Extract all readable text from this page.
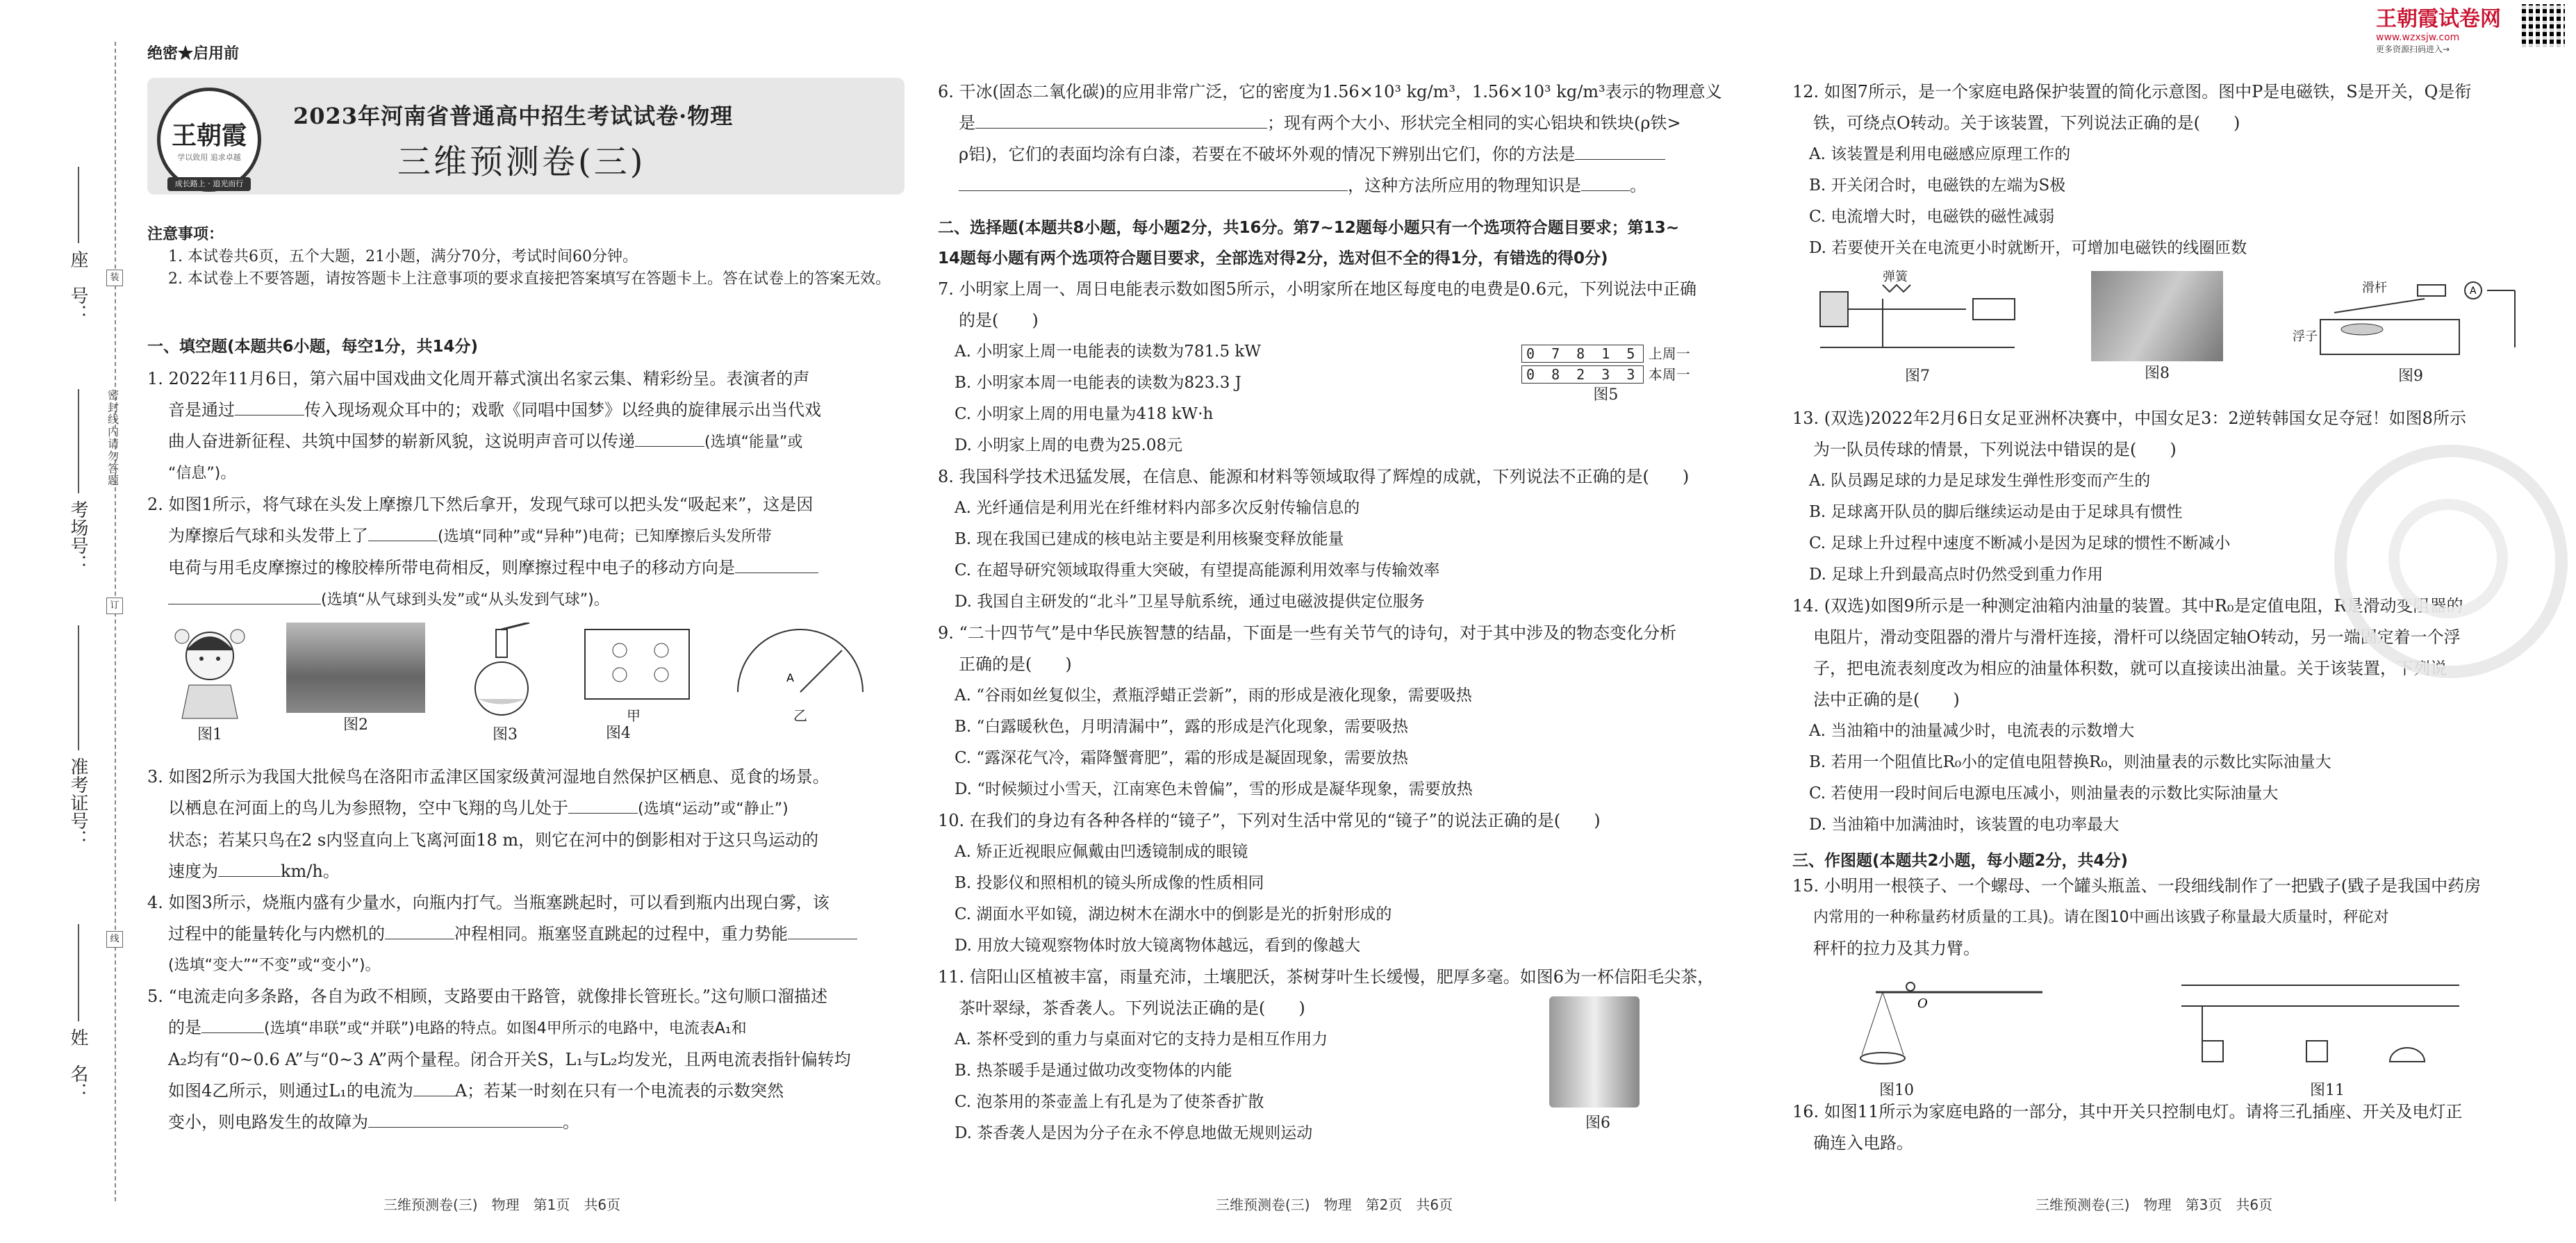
装
订
线
密封线内请勿答题
座　号：
考场号：
准考证号：
姓　名：
绝密★启用前
王朝霞
学以致用 追求卓越
成长路上 · 追光而行
2023年河南省普通高中招生考试试卷·物理
三维预测卷(三)
注意事项：
1. 本试卷共6页，五个大题，21小题，满分70分，考试时间60分钟。
2. 本试卷上不要答题，请按答题卡上注意事项的要求直接把答案填写在答题卡上。答在试卷上的答案无效。
一、填空题(本题共6小题，每空1分，共14分)
1. 2022年11月6日，第六届中国戏曲文化周开幕式演出名家云集、精彩纷呈。表演者的声
音是通过	传入现场观众耳中的；戏歌《同唱中国梦》以经典的旋律展示出当代戏
曲人奋进新征程、共筑中国梦的崭新风貌，这说明声音可以传递	(选填“能量”或
“信息”)。
2. 如图1所示，将气球在头发上摩擦几下然后拿开，发现气球可以把头发“吸起来”，这是因
为摩擦后气球和头发带上了	(选填“同种”或“异种”)电荷；已知摩擦后头发所带
电荷与用毛皮摩擦过的橡胶棒所带电荷相反，则摩擦过程中电子的移动方向是
(选填“从气球到头发”或“从头发到气球”)。
图1
图2
图3
A
甲	乙
图4
3. 如图2所示为我国大批候鸟在洛阳市孟津区国家级黄河湿地自然保护区栖息、觅食的场景。
以栖息在河面上的鸟儿为参照物，空中飞翔的鸟儿处于	(选填“运动”或“静止”)
状态；若某只鸟在2 s内竖直向上飞离河面18 m，则它在河中的倒影相对于这只鸟运动的
速度为	km/h。
4. 如图3所示，烧瓶内盛有少量水，向瓶内打气。当瓶塞跳起时，可以看到瓶内出现白雾，该
过程中的能量转化与内燃机的	冲程相同。瓶塞竖直跳起的过程中，重力势能
(选填“变大”“不变”或“变小”)。
5. “电流走向多条路，各自为政不相顾，支路要由干路管，就像排长管班长。”这句顺口溜描述
的是	(选填“串联”或“并联”)电路的特点。如图4甲所示的电路中，电流表A₁和
A₂均有“0~0.6 A”与“0~3 A”两个量程。闭合开关S，L₁与L₂均发光，且两电流表指针偏转均
如图4乙所示，则通过L₁的电流为	A；若某一时刻在只有一个电流表的示数突然
变小，则电路发生的故障为	。
三维预测卷(三)　物理　第1页　共6页
6. 干冰(固态二氧化碳)的应用非常广泛，它的密度为1.56×10³ kg/m³，1.56×10³ kg/m³表示的物理意义
是	；现有两个大小、形状完全相同的实心铝块和铁块(ρ铁>
ρ铝)，它们的表面均涂有白漆，若要在不破坏外观的情况下辨别出它们，你的方法是
，这种方法所应用的物理知识是	。
二、选择题(本题共8小题，每小题2分，共16分。第7~12题每小题只有一个选项符合题目要求；第13~
14题每小题有两个选项符合题目要求，全部选对得2分，选对但不全的得1分，有错选的得0分)
7. 小明家上周一、周日电能表示数如图5所示，小明家所在地区每度电的电费是0.6元，下列说法中正确
的是(　　)
A. 小明家上周一电能表的读数为781.5 kW
B. 小明家本周一电能表的读数为823.3 J
C. 小明家上周的用电量为418 kW·h
D. 小明家上周的电费为25.08元
0 7 8 1 5 上周一
0 8 2 3 3 本周一
图5
8. 我国科学技术迅猛发展，在信息、能源和材料等领域取得了辉煌的成就，下列说法不正确的是(　　)
A. 光纤通信是利用光在纤维材料内部多次反射传输信息的
B. 现在我国已建成的核电站主要是利用核聚变释放能量
C. 在超导研究领域取得重大突破，有望提高能源利用效率与传输效率
D. 我国自主研发的“北斗”卫星导航系统，通过电磁波提供定位服务
9. “二十四节气”是中华民族智慧的结晶，下面是一些有关节气的诗句，对于其中涉及的物态变化分析
正确的是(　　)
A. “谷雨如丝复似尘，煮瓶浮蜡正尝新”，雨的形成是液化现象，需要吸热
B. “白露暖秋色，月明清漏中”，露的形成是汽化现象，需要吸热
C. “露深花气冷，霜降蟹膏肥”，霜的形成是凝固现象，需要放热
D. “时候频过小雪天，江南寒色未曾偏”，雪的形成是凝华现象，需要放热
10. 在我们的身边有各种各样的“镜子”，下列对生活中常见的“镜子”的说法正确的是(　　)
A. 矫正近视眼应佩戴由凹透镜制成的眼镜
B. 投影仪和照相机的镜头所成像的性质相同
C. 湖面水平如镜，湖边树木在湖水中的倒影是光的折射形成的
D. 用放大镜观察物体时放大镜离物体越远，看到的像越大
11. 信阳山区植被丰富，雨量充沛，土壤肥沃，茶树芽叶生长缓慢，肥厚多毫。如图6为一杯信阳毛尖茶，
茶叶翠绿，茶香袭人。下列说法正确的是(　　)
A. 茶杯受到的重力与桌面对它的支持力是相互作用力
B. 热茶暖手是通过做功改变物体的内能
C. 泡茶用的茶壶盖上有孔是为了使茶香扩散
D. 茶香袭人是因为分子在永不停息地做无规则运动
图6
三维预测卷(三)　物理　第2页　共6页
12. 如图7所示，是一个家庭电路保护装置的简化示意图。图中P是电磁铁，S是开关，Q是衔
铁，可绕点O转动。关于该装置，下列说法正确的是(　　)
A. 该装置是利用电磁感应原理工作的
B. 开关闭合时，电磁铁的左端为S极
C. 电流增大时，电磁铁的磁性减弱
D. 若要使开关在电流更小时就断开，可增加电磁铁的线圈匝数
弹簧
图7	图8
A
滑杆
浮子
图9
13. (双选)2022年2月6日女足亚洲杯决赛中，中国女足3：2逆转韩国女足夺冠！如图8所示
为一队员传球的情景，下列说法中错误的是(　　)
A. 队员踢足球的力是足球发生弹性形变而产生的
B. 足球离开队员的脚后继续运动是由于足球具有惯性
C. 足球上升过程中速度不断减小是因为足球的惯性不断减小
D. 足球上升到最高点时仍然受到重力作用
14. (双选)如图9所示是一种测定油箱内油量的装置。其中R₀是定值电阻，R是滑动变阻器的
电阻片，滑动变阻器的滑片与滑杆连接，滑杆可以绕固定轴O转动，另一端固定着一个浮
子，把电流表刻度改为相应的油量体积数，就可以直接读出油量。关于该装置，下列说
法中正确的是(　　)
A. 当油箱中的油量减少时，电流表的示数增大
B. 若用一个阻值比R₀小的定值电阻替换R₀，则油量表的示数比实际油量大
C. 若使用一段时间后电源电压减小，则油量表的示数比实际油量大
D. 当油箱中加满油时，该装置的电功率最大
三、作图题(本题共2小题，每小题2分，共4分)
15. 小明用一根筷子、一个螺母、一个罐头瓶盖、一段细线制作了一把戥子(戥子是我国中药房
内常用的一种称量药材质量的工具)。请在图10中画出该戥子称量最大质量时，秤砣对
秤杆的拉力及其力臂。
O
图10	图11
16. 如图11所示为家庭电路的一部分，其中开关只控制电灯。请将三孔插座、开关及电灯正
确连入电路。
三维预测卷(三)　物理　第3页　共6页
王朝霞试卷网
www.wzxsjw.com
更多资源扫码进入→
